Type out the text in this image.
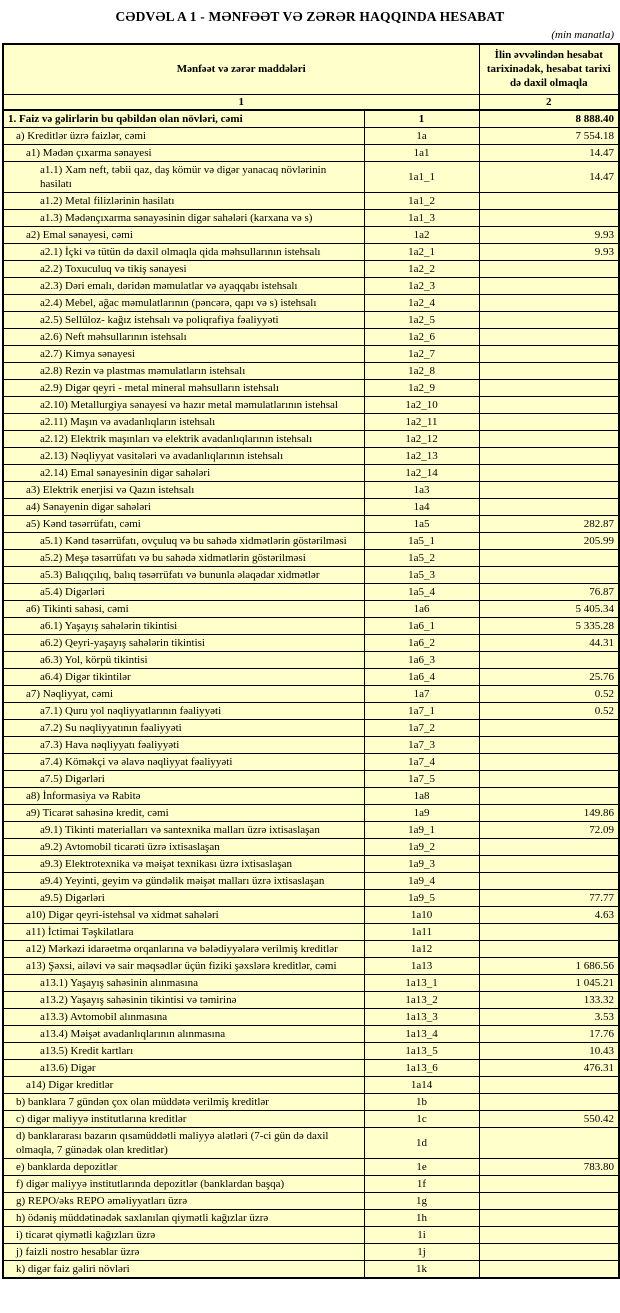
CƏDVƏL A 1 - MƏNFƏƏT VƏ ZƏRƏR HAQQINDA HESABAT
(min manatla)
Mənfəət və zərər maddələri		İlin əvvəlindən hesabat tarixinədək, hesabat tarixi də daxil olmaqla
1		2
1. Faiz və gəlirlərin bu qəbildən olan növləri, cəmi	1	8 888.40
a) Kreditlər üzrə faizlər, cəmi	1a	7 554.18
a1) Mədən çıxarma sənayesi	1a1	14.47
a1.1) Xam neft, təbii qaz, daş kömür və digər yanacaq növlərinin hasilatı	1a1_1	14.47
a1.2) Metal filizlərinin hasilatı	1a1_2	
a1.3) Mədənçıxarma sənayəsinin digər sahələri (karxana və s)	1a1_3	
a2) Emal sənayesi, cəmi	1a2	9.93
a2.1) İçki və tütün də daxil olmaqla qida məhsullarının istehsalı	1a2_1	9.93
a2.2) Toxuculuq və tikiş sənayesi	1a2_2	
a2.3) Dəri emalı, dəridən məmulatlar və ayaqqabı istehsalı	1a2_3	
a2.4) Mebel, ağac məmulatlarının (pəncərə, qapı və s) istehsalı	1a2_4	
a2.5) Sellüloz- kağız istehsalı və poliqrafiya fəaliyyəti	1a2_5	
a2.6) Neft məhsullarının istehsalı	1a2_6	
a2.7) Kimya sənayesi	1a2_7	
a2.8) Rezin və plastmas məmulatların istehsalı	1a2_8	
a2.9) Digər qeyri - metal mineral məhsulların istehsalı	1a2_9	
a2.10) Metallurgiya sənayesi və hazır metal məmulatlarının istehsal	1a2_10	
a2.11) Maşın və avadanlıqların istehsalı	1a2_11	
a2.12) Elektrik maşınları və elektrik avadanlıqlarının istehsalı	1a2_12	
a2.13) Nəqliyyat vasitələri və avadanlıqlarının istehsalı	1a2_13	
a2.14) Emal sənayesinin digər sahələri	1a2_14	
a3) Elektrik enerjisi və Qazın istehsalı	1a3	
a4) Sənayenin digər sahələri	1a4	
a5) Kənd təsərrüfatı, cəmi	1a5	282.87
a5.1) Kənd təsərrüfatı, ovçuluq və bu sahədə xidmətlərin göstərilməsi	1a5_1	205.99
a5.2) Meşə təsərrüfatı və bu sahədə xidmətlərin göstərilməsi	1a5_2	
a5.3) Balıqçılıq, balıq təsərrüfatı və bununla əlaqədar xidmətlər	1a5_3	
a5.4) Digərləri	1a5_4	76.87
a6) Tikinti sahəsi, cəmi	1a6	5 405.34
a6.1) Yaşayış sahələrin tikintisi	1a6_1	5 335.28
a6.2) Qeyri-yaşayış sahələrin tikintisi	1a6_2	44.31
a6.3) Yol, körpü tikintisi	1a6_3	
a6.4) Digər tikintilər	1a6_4	25.76
a7) Nəqliyyat, cəmi	1a7	0.52
a7.1) Quru yol nəqliyyatlarının fəaliyyəti	1a7_1	0.52
a7.2) Su nəqliyyatının fəaliyyəti	1a7_2	
a7.3) Hava nəqliyyatı fəaliyyəti	1a7_3	
a7.4) Köməkçi və əlavə nəqliyyat fəaliyyəti	1a7_4	
a7.5) Digərləri	1a7_5	
a8) İnformasiya və Rabitə	1a8	
a9) Ticarət sahəsinə kredit, cəmi	1a9	149.86
a9.1) Tikinti materialları və santexnika malları üzrə ixtisaslaşan	1a9_1	72.09
a9.2) Avtomobil ticarəti üzrə ixtisaslaşan	1a9_2	
a9.3) Elektrotexnika və məişət texnikası üzrə ixtisaslaşan	1a9_3	
a9.4) Yeyinti, geyim və gündəlik məişət malları üzrə ixtisaslaşan	1a9_4	
a9.5) Digərləri	1a9_5	77.77
a10) Digər qeyri-istehsal və xidmət sahələri	1a10	4.63
a11) İctimai Təşkilatlara	1a11	
a12) Mərkəzi idarəetmə orqanlarına və bələdiyyələrə verilmiş kreditlər	1a12	
a13) Şəxsi, ailəvi və sair məqsədlər üçün fiziki şəxslərə kreditlər, cəmi	1a13	1 686.56
a13.1) Yaşayış sahəsinin alınmasına	1a13_1	1 045.21
a13.2) Yaşayış sahəsinin tikintisi və təmirinə	1a13_2	133.32
a13.3) Avtomobil alınmasına	1a13_3	3.53
a13.4) Məişət avadanlıqlarının alınmasına	1a13_4	17.76
a13.5) Kredit kartları	1a13_5	10.43
a13.6) Digər	1a13_6	476.31
a14) Digər kreditlər	1a14	
b) banklara 7 gündən çox olan müddətə verilmiş kreditlər	1b	
c) digər maliyyə institutlarına kreditlər	1c	550.42
d) banklararası bazarın qısamüddətli maliyyə alətləri (7-ci gün də daxil olmaqla, 7 günədək olan kreditlər)	1d	
e) banklarda depozitlər	1e	783.80
f) digər maliyyə institutlarında depozitlər (banklardan başqa)	1f	
g) REPO/əks REPO əməliyyatları üzrə	1g	
h) ödəniş müddətinədək saxlanılan qiymətli kağızlar üzrə	1h	
i) ticarət qiymətli kağızları üzrə	1i	
j) faizli nostro hesablar üzrə	1j	
k) digər faiz gəliri növləri	1k	
